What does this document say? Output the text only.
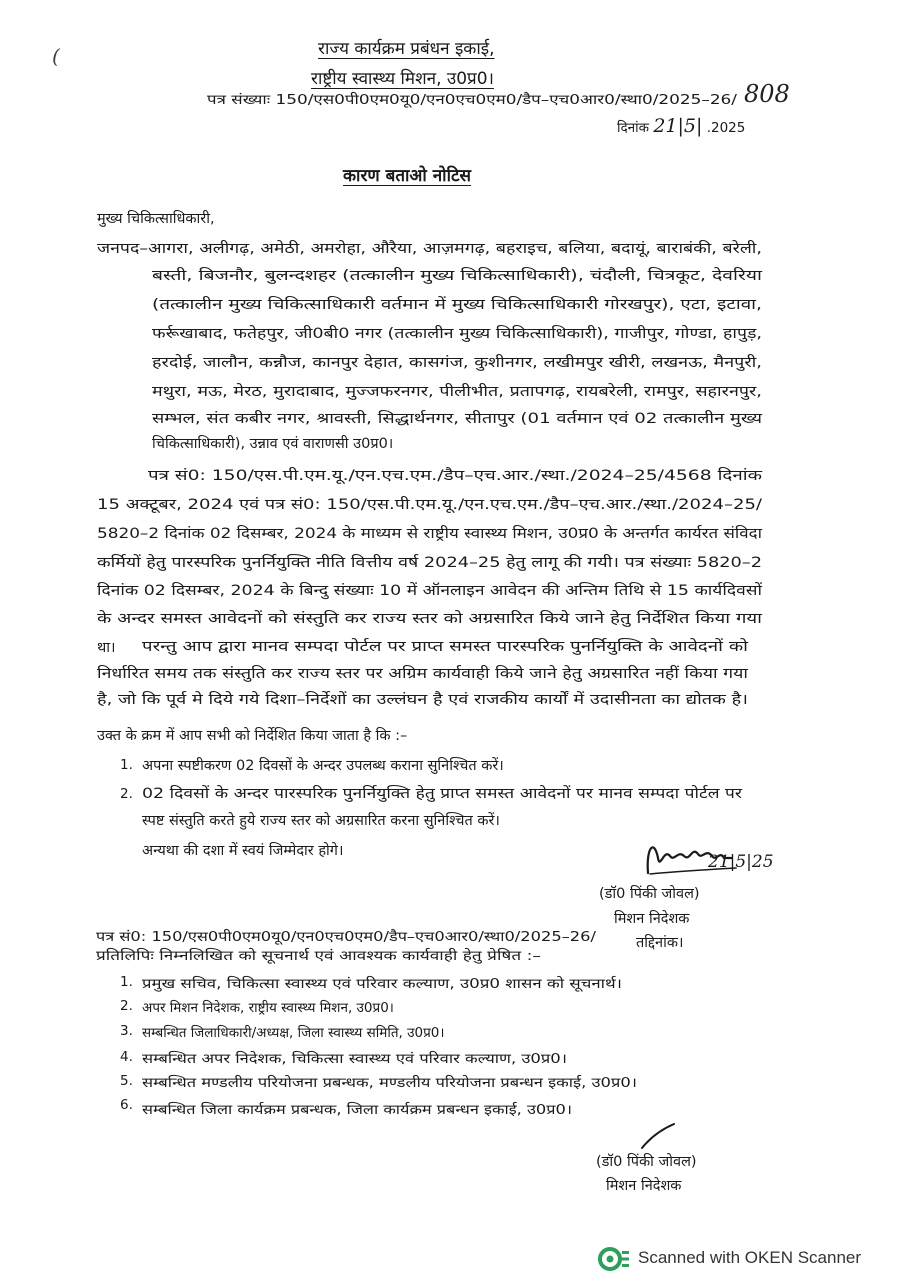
राज्य कार्यक्रम प्रबंधन इकाई,
राष्ट्रीय स्वास्थ्य मिशन, उ0प्र0।
(
पत्र संख्याः 150/एस0पी0एम0यू0/एन0एच0एम0/डैप–एच0आर0/स्था0/2025–26/ 808
दिनांक 21|5| .2025
कारण बताओ नोटिस
मुख्य चिकित्साधिकारी,
जनपद–आगरा, अलीगढ़, अमेठी, अमरोहा, औरैया, आज़मगढ़, बहराइच, बलिया, बदायूं, बाराबंकी, बरेली,
बस्ती, बिजनौर, बुलन्दशहर (तत्कालीन मुख्य चिकित्साधिकारी), चंदौली, चित्रकूट, देवरिया
(तत्कालीन मुख्य चिकित्साधिकारी वर्तमान में मुख्य चिकित्साधिकारी गोरखपुर), एटा, इटावा,
फर्रूखाबाद, फतेहपुर, जी0बी0 नगर (तत्कालीन मुख्य चिकित्साधिकारी), गाजीपुर, गोण्डा, हापुड़,
हरदोई, जालौन, कन्नौज, कानपुर देहात, कासगंज, कुशीनगर, लखीमपुर खीरी, लखनऊ, मैनपुरी,
मथुरा, मऊ, मेरठ, मुरादाबाद, मुज्जफरनगर, पीलीभीत, प्रतापगढ़, रायबरेली, रामपुर, सहारनपुर,
सम्भल, संत कबीर नगर, श्रावस्ती, सिद्धार्थनगर, सीतापुर (01 वर्तमान एवं 02 तत्कालीन मुख्य
चिकित्साधिकारी), उन्नाव एवं वाराणसी उ0प्र0।
पत्र सं0: 150/एस.पी.एम.यू./एन.एच.एम./डैप–एच.आर./स्था./2024–25/4568 दिनांक
15 अक्टूबर, 2024 एवं पत्र सं0: 150/एस.पी.एम.यू./एन.एच.एम./डैप–एच.आर./स्था./2024–25/
5820–2 दिनांक 02 दिसम्बर, 2024 के माध्यम से राष्ट्रीय स्वास्थ्य मिशन, उ0प्र0 के अन्तर्गत कार्यरत संविदा
कर्मियों हेतु पारस्परिक पुनर्नियुक्ति नीति वित्तीय वर्ष 2024–25 हेतु लागू की गयी। पत्र संख्याः 5820–2
दिनांक 02 दिसम्बर, 2024 के बिन्दु संख्याः 10 में ऑनलाइन आवेदन की अन्तिम तिथि से 15 कार्यदिवसों
के अन्दर समस्त आवेदनों को संस्तुति कर राज्य स्तर को अग्रसारित किये जाने हेतु निर्देशित किया गया
था। परन्तु आप द्वारा मानव सम्पदा पोर्टल पर प्राप्त समस्त पारस्परिक पुनर्नियुक्ति के आवेदनों को
निर्धारित समय तक संस्तुति कर राज्य स्तर पर अग्रिम कार्यवाही किये जाने हेतु अग्रसारित नहीं किया गया
है, जो कि पूर्व मे दिये गये दिशा–निर्देशों का उल्लंघन है एवं राजकीय कार्यों में उदासीनता का द्योतक है।
उक्त के क्रम में आप सभी को निर्देशित किया जाता है कि :–
1. अपना स्पष्टीकरण 02 दिवसों के अन्दर उपलब्ध कराना सुनिश्चित करें।
2. 02 दिवसों के अन्दर पारस्परिक पुनर्नियुक्ति हेतु प्राप्त समस्त आवेदनों पर मानव सम्पदा पोर्टल पर
स्पष्ट संस्तुति करते हुये राज्य स्तर को अग्रसारित करना सुनिश्चित करें।
अन्यथा की दशा में स्वयं जिम्मेदार होगे।
21|5|25
(डॉ0 पिंकी जोवल)
मिशन निदेशक
पत्र सं0: 150/एस0पी0एम0यू0/एन0एच0एम0/डैप–एच0आर0/स्था0/2025–26/	तद्दिनांक।
प्रतिलिपिः निम्नलिखित को सूचनार्थ एवं आवश्यक कार्यवाही हेतु प्रेषित :–
1. प्रमुख सचिव, चिकित्सा स्वास्थ्य एवं परिवार कल्याण, उ0प्र0 शासन को सूचनार्थ।
2. अपर मिशन निदेशक, राष्ट्रीय स्वास्थ्य मिशन, उ0प्र0।
3. सम्बन्धित जिलाधिकारी/अध्यक्ष, जिला स्वास्थ्य समिति, उ0प्र0।
4. सम्बन्धित अपर निदेशक, चिकित्सा स्वास्थ्य एवं परिवार कल्याण, उ0प्र0।
5. सम्बन्धित मण्डलीय परियोजना प्रबन्धक, मण्डलीय परियोजना प्रबन्धन इकाई, उ0प्र0।
6. सम्बन्धित जिला कार्यक्रम प्रबन्धक, जिला कार्यक्रम प्रबन्धन इकाई, उ0प्र0।
(डॉ0 पिंकी जोवल)
मिशन निदेशक
Scanned with OKEN Scanner
